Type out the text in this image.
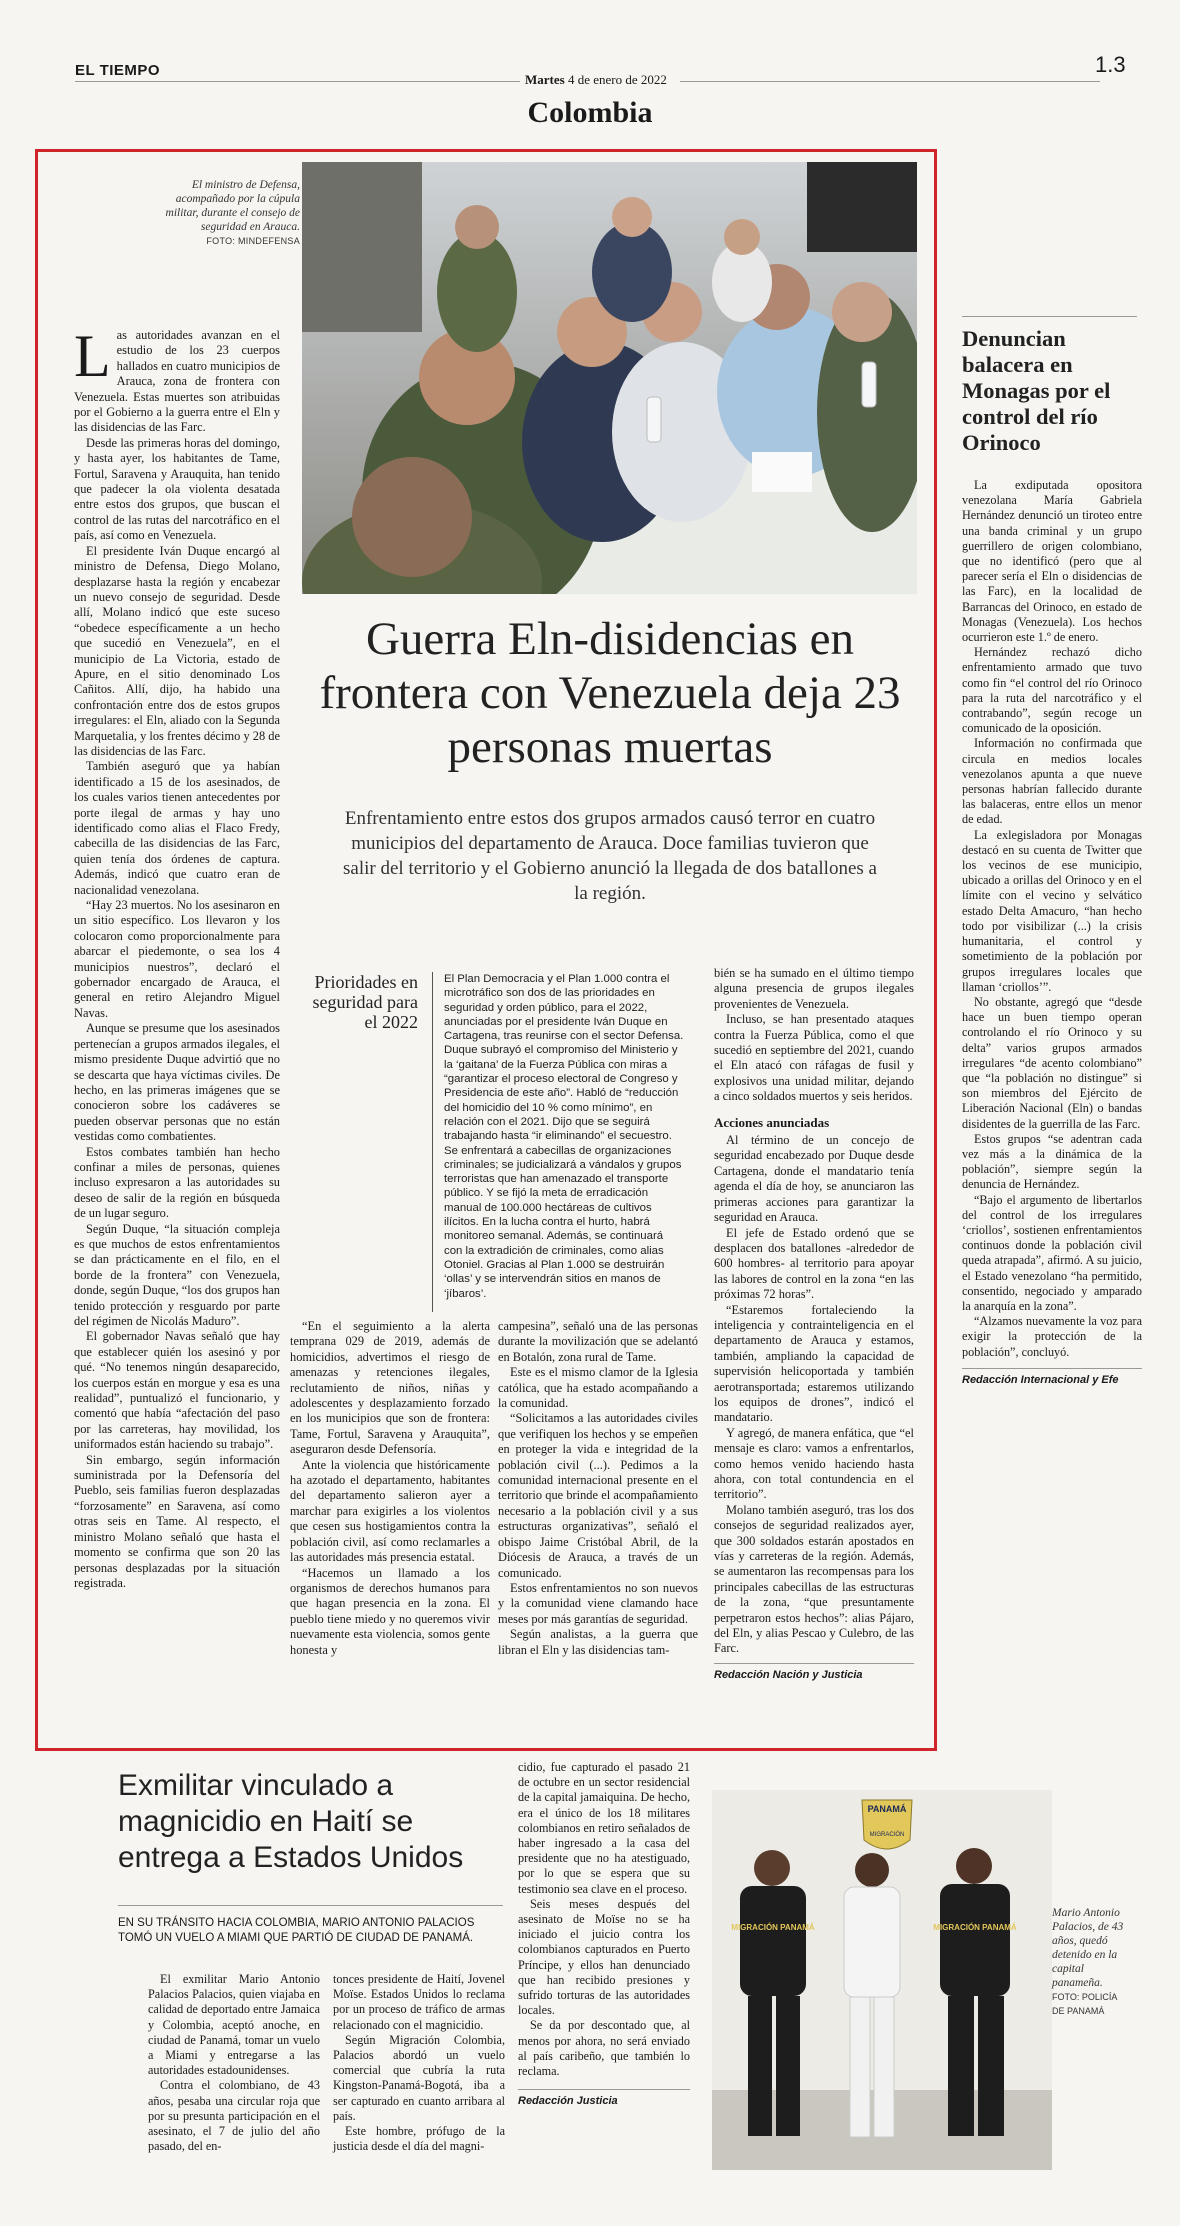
EL TIEMPO
Martes 4 de enero de 2022
1.3
Colombia
El ministro de Defensa, acompañado por la cúpula militar, durante el consejo de seguridad en Arauca.
FOTO: MINDEFENSA
Guerra Eln-disidencias en frontera con Venezuela deja 23 personas muertas
Enfrentamiento entre estos dos grupos armados causó terror en cuatro municipios del departamento de Arauca. Doce familias tuvieron que salir del territorio y el Gobierno anunció la llegada de dos batallones a la región.

Las autoridades avanzan en el estudio de los 23 cuerpos hallados en cuatro municipios de Arauca, zona de frontera con Venezuela. Estas muertes son atribuidas por el Gobierno a la guerra entre el Eln y las disidencias de las Farc.

Desde las primeras horas del domingo, y hasta ayer, los habitantes de Tame, Fortul, Saravena y Arauquita, han tenido que padecer la ola violenta desatada entre estos dos grupos, que buscan el control de las rutas del narcotráfico en el país, así como en Venezuela.

El presidente Iván Duque encargó al ministro de Defensa, Diego Molano, desplazarse hasta la región y encabezar un nuevo consejo de seguridad. Desde allí, Molano indicó que este suceso “obedece específicamente a un hecho que sucedió en Venezuela”, en el municipio de La Victoria, estado de Apure, en el sitio denominado Los Cañitos. Allí, dijo, ha habido una confrontación entre dos de estos grupos irregulares: el Eln, aliado con la Segunda Marquetalia, y los frentes décimo y 28 de las disidencias de las Farc.

También aseguró que ya habían identificado a 15 de los asesinados, de los cuales varios tienen antecedentes por porte ilegal de armas y hay uno identificado como alias el Flaco Fredy, cabecilla de las disidencias de las Farc, quien tenía dos órdenes de captura. Además, indicó que cuatro eran de nacionalidad venezolana.

“Hay 23 muertos. No los asesinaron en un sitio específico. Los llevaron y los colocaron como proporcionalmente para abarcar el piedemonte, o sea los 4 municipios nuestros”, declaró el gobernador encargado de Arauca, el general en retiro Alejandro Miguel Navas.

Aunque se presume que los asesinados pertenecían a grupos armados ilegales, el mismo presidente Duque advirtió que no se descarta que haya víctimas civiles. De hecho, en las primeras imágenes que se conocieron sobre los cadáveres se pueden observar personas que no están vestidas como combatientes.

Estos combates también han hecho confinar a miles de personas, quienes incluso expresaron a las autoridades su deseo de salir de la región en búsqueda de un lugar seguro.

Según Duque, “la situación compleja es que muchos de estos enfrentamientos se dan prácticamente en el filo, en el borde de la frontera” con Venezuela, donde, según Duque, “los dos grupos han tenido protección y resguardo por parte del régimen de Nicolás Maduro”.

El gobernador Navas señaló que hay que establecer quién los asesinó y por qué. “No tenemos ningún desaparecido, los cuerpos están en morgue y esa es una realidad”, puntualizó el funcionario, y comentó que había “afectación del paso por las carreteras, hay movilidad, los uniformados están haciendo su trabajo”.

Sin embargo, según información suministrada por la Defensoría del Pueblo, seis familias fueron desplazadas “forzosamente” en Saravena, así como otras seis en Tame. Al respecto, el ministro Molano señaló que hasta el momento se confirma que son 20 las personas desplazadas por la situación registrada.

Prioridades en seguridad para el 2022
El Plan Democracia y el Plan 1.000 contra el microtráfico son dos de las prioridades en seguridad y orden público, para el 2022, anunciadas por el presidente Iván Duque en Cartagena, tras reunirse con el sector Defensa. Duque subrayó el compromiso del Ministerio y la ‘gaitana’ de la Fuerza Pública con miras a “garantizar el proceso electoral de Congreso y Presidencia de este año”. Habló de “reducción del homicidio del 10 % como mínimo”, en relación con el 2021. Dijo que se seguirá trabajando hasta “ir eliminando” el secuestro. Se enfrentará a cabecillas de organizaciones criminales; se judicializará a vándalos y grupos terroristas que han amenazado el transporte público. Y se fijó la meta de erradicación manual de 100.000 hectáreas de cultivos ilícitos. En la lucha contra el hurto, habrá monitoreo semanal. Además, se continuará con la extradición de criminales, como alias Otoniel. Gracias al Plan 1.000 se destruirán ‘ollas’ y se intervendrán sitios en manos de ‘jíbaros’.

“En el seguimiento a la alerta temprana 029 de 2019, además de homicidios, advertimos el riesgo de amenazas y retenciones ilegales, reclutamiento de niños, niñas y adolescentes y desplazamiento forzado en los municipios que son de frontera: Tame, Fortul, Saravena y Arauquita”, aseguraron desde Defensoría.

Ante la violencia que históricamente ha azotado el departamento, habitantes del departamento salieron ayer a marchar para exigirles a los violentos que cesen sus hostigamientos contra la población civil, así como reclamarles a las autoridades más presencia estatal.

“Hacemos un llamado a los organismos de derechos humanos para que hagan presencia en la zona. El pueblo tiene miedo y no queremos vivir nuevamente esta violencia, somos gente honesta y

campesina”, señaló una de las personas durante la movilización que se adelantó en Botalón, zona rural de Tame.

Este es el mismo clamor de la Iglesia católica, que ha estado acompañando a la comunidad.

“Solicitamos a las autoridades civiles que verifiquen los hechos y se empeñen en proteger la vida e integridad de la población civil (...). Pedimos a la comunidad internacional presente en el territorio que brinde el acompañamiento necesario a la población civil y a sus estructuras organizativas”, señaló el obispo Jaime Cristóbal Abril, de la Diócesis de Arauca, a través de un comunicado.

Estos enfrentamientos no son nuevos y la comunidad viene clamando hace meses por más garantías de seguridad.

Según analistas, a la guerra que libran el Eln y las disidencias tam-

bién se ha sumado en el último tiempo alguna presencia de grupos ilegales provenientes de Venezuela.

Incluso, se han presentado ataques contra la Fuerza Pública, como el que sucedió en septiembre del 2021, cuando el Eln atacó con ráfagas de fusil y explosivos una unidad militar, dejando a cinco soldados muertos y seis heridos.

Acciones anunciadas

Al término de un concejo de seguridad encabezado por Duque desde Cartagena, donde el mandatario tenía agenda el día de hoy, se anunciaron las primeras acciones para garantizar la seguridad en Arauca.

El jefe de Estado ordenó que se desplacen dos batallones -alrededor de 600 hombres- al territorio para apoyar las labores de control en la zona “en las próximas 72 horas”.

“Estaremos fortaleciendo la inteligencia y contrainteligencia en el departamento de Arauca y estamos, también, ampliando la capacidad de supervisión helicoportada y también aerotransportada; estaremos utilizando los equipos de drones”, indicó el mandatario.

Y agregó, de manera enfática, que “el mensaje es claro: vamos a enfrentarlos, como hemos venido haciendo hasta ahora, con total contundencia en el territorio”.

Molano también aseguró, tras los dos consejos de seguridad realizados ayer, que 300 soldados estarán apostados en vías y carreteras de la región. Además, se aumentaron las recompensas para los principales cabecillas de las estructuras de la zona, “que presuntamente perpetraron estos hechos”: alias Pájaro, del Eln, y alias Pescao y Culebro, de las Farc.

Redacción Nación y Justicia
Denuncian balacera en Monagas por el control del río Orinoco

La exdiputada opositora venezolana María Gabriela Hernández denunció un tiroteo entre una banda criminal y un grupo guerrillero de origen colombiano, que no identificó (pero que al parecer sería el Eln o disidencias de las Farc), en la localidad de Barrancas del Orinoco, en estado de Monagas (Venezuela). Los hechos ocurrieron este 1.º de enero.

Hernández rechazó dicho enfrentamiento armado que tuvo como fin “el control del río Orinoco para la ruta del narcotráfico y el contrabando”, según recoge un comunicado de la oposición.

Información no confirmada que circula en medios locales venezolanos apunta a que nueve personas habrían fallecido durante las balaceras, entre ellos un menor de edad.

La exlegisladora por Monagas destacó en su cuenta de Twitter que los vecinos de ese municipio, ubicado a orillas del Orinoco y en el límite con el vecino y selvático estado Delta Amacuro, “han hecho todo por visibilizar (...) la crisis humanitaria, el control y sometimiento de la población por grupos irregulares locales que llaman ‘criollos’”.

No obstante, agregó que “desde hace un buen tiempo operan controlando el río Orinoco y su delta” varios grupos armados irregulares “de acento colombiano” que “la población no distingue” si son miembros del Ejército de Liberación Nacional (Eln) o bandas disidentes de la guerrilla de las Farc.

Estos grupos “se adentran cada vez más a la dinámica de la población”, siempre según la denuncia de Hernández.

“Bajo el argumento de libertarlos del control de los irregulares ‘criollos’, sostienen enfrentamientos continuos donde la población civil queda atrapada”, afirmó. A su juicio, el Estado venezolano “ha permitido, consentido, negociado y amparado la anarquía en la zona”.

“Alzamos nuevamente la voz para exigir la protección de la población”, concluyó.

Redacción Internacional y Efe
Exmilitar vinculado a magnicidio en Haití se entrega a Estados Unidos
EN SU TRÁNSITO HACIA COLOMBIA, MARIO ANTONIO PALACIOS TOMÓ UN VUELO A MIAMI QUE PARTIÓ DE CIUDAD DE PANAMÁ.

El exmilitar Mario Antonio Palacios Palacios, quien viajaba en calidad de deportado entre Jamaica y Colombia, aceptó anoche, en ciudad de Panamá, tomar un vuelo a Miami y entregarse a las autoridades estadounidenses.

Contra el colombiano, de 43 años, pesaba una circular roja que por su presunta participación en el asesinato, el 7 de julio del año pasado, del en-

tonces presidente de Haití, Jovenel Moïse. Estados Unidos lo reclama por un proceso de tráfico de armas relacionado con el magnicidio.

Según Migración Colombia, Palacios abordó un vuelo comercial que cubría la ruta Kingston-Panamá-Bogotá, iba a ser capturado en cuanto arribara al país.

Este hombre, prófugo de la justicia desde el día del magni-

cidio, fue capturado el pasado 21 de octubre en un sector residencial de la capital jamaiquina. De hecho, era el único de los 18 militares colombianos en retiro señalados de haber ingresado a la casa del presidente que no ha atestiguado, por lo que se espera que su testimonio sea clave en el proceso.

Seis meses después del asesinato de Moïse no se ha iniciado el juicio contra los colombianos capturados en Puerto Príncipe, y ellos han denunciado que han recibido presiones y sufrido torturas de las autoridades locales.

Se da por descontado que, al menos por ahora, no será enviado al país caribeño, que también lo reclama.

Redacción Justicia
PANAMÁ
MIGRACIÓN
MIGRACIÓN PANAMÁ	MIGRACIÓN PANAMÁ
Mario Antonio Palacios, de 43 años, quedó detenido en la capital panameña.
FOTO: POLICÍA DE PANAMÁ
